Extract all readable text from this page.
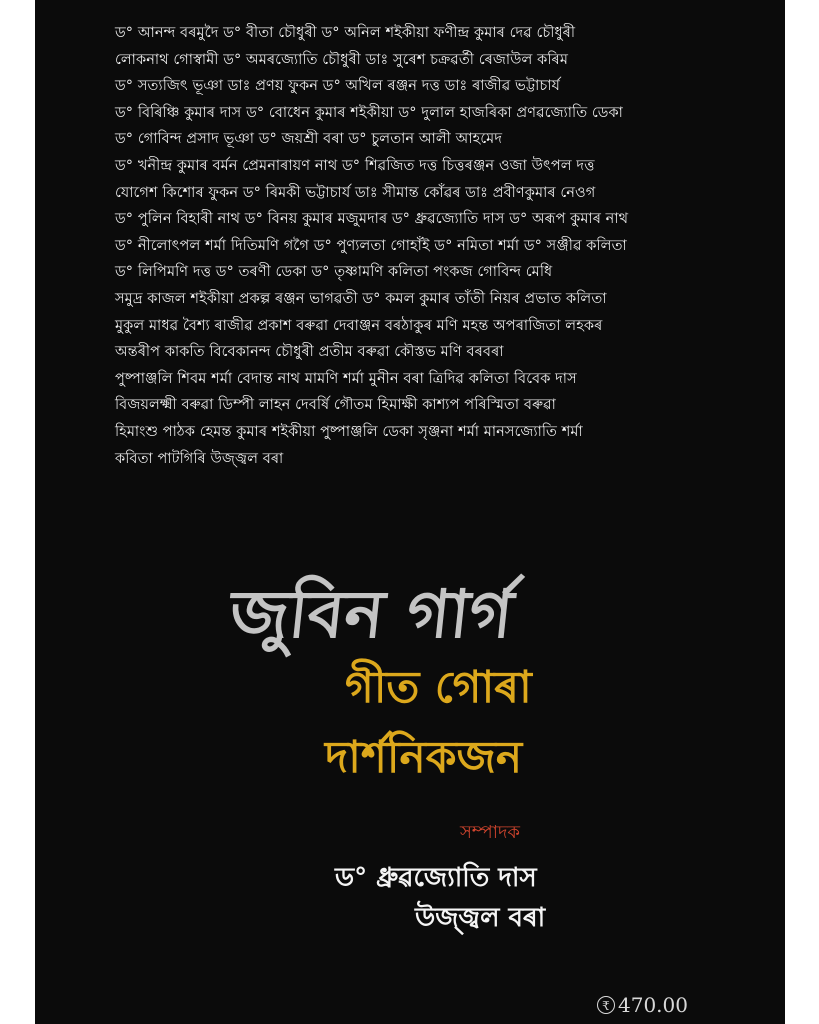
ড° আনন্দ বৰমুদৈ ড° বীতা চৌধুৰী ড° অনিল শইকীয়া ফণীন্দ্ৰ কুমাৰ দেৱ চৌধুৰী
লোকনাথ গোস্বামী ড° অমৰজ্যোতি চৌধুৰী ডাঃ সুৰেশ চক্ৰৱৰ্তী ৰেজাউল কৰিম
ড° সত্যজিৎ ভূঞা ডাঃ প্ৰণয় ফুকন ড° অখিল ৰঞ্জন দত্ত ডাঃ ৰাজীৱ ভট্টাচাৰ্য
ড° বিৰিঞ্চি কুমাৰ দাস ড° বোধেন কুমাৰ শইকীয়া ড° দুলাল হাজৰিকা প্ৰণৱজ্যোতি ডেকা
ড° গোবিন্দ প্ৰসাদ ভূঞা ড° জয়শ্ৰী বৰা ড° চুলতান আলী আহমেদ
ড° খনীন্দ্ৰ কুমাৰ বৰ্মন প্ৰেমনাৰায়ণ নাথ ড° শিৱজিত দত্ত চিত্তৰঞ্জন ওজা উৎপল দত্ত
যোগেশ কিশোৰ ফুকন ড° ৰিমকী ভট্টাচাৰ্য ডাঃ সীমান্ত কোঁৱৰ ডাঃ প্ৰবীণকুমাৰ নেওগ
ড° পুলিন বিহাৰী নাথ ড° বিনয় কুমাৰ মজুমদাৰ ড° ধ্ৰুৱজ্যোতি দাস ড° অৰূপ কুমাৰ নাথ
ড° নীলোৎপল শৰ্মা দিতিমণি গগৈ ড° পুণ্যলতা গোহাঁই ড° নমিতা শৰ্মা ড° সঞ্জীৱ কলিতা
ড° লিপিমণি দত্ত ড° তৰণী ডেকা ড° তৃষ্ণামণি কলিতা পংকজ গোবিন্দ মেধি
সমুদ্ৰ কাজল শইকীয়া প্ৰকল্প ৰঞ্জন ভাগৱতী ড° কমল কুমাৰ তাঁতী নিয়ৰ প্ৰভাত কলিতা
মুকুল মাধৱ বৈশ্য ৰাজীৱ প্ৰকাশ বৰুৱা দেবাঞ্জন বৰঠাকুৰ মণি মহন্ত অপৰাজিতা লহকৰ
অন্তৰীপ কাকতি বিবেকানন্দ চৌধুৰী প্ৰতীম বৰুৱা কৌস্তভ মণি বৰবৰা
পুষ্পাঞ্জলি শিবম শৰ্মা বেদান্ত নাথ মামণি শৰ্মা মুনীন বৰা ত্ৰিদিৱ কলিতা বিবেক দাস
বিজয়লক্ষ্মী বৰুৱা ডিম্পী লাহন দেবৰ্ষি গৌতম হিমাক্ষী কাশ্যপ পৰিস্মিতা বৰুৱা
হিমাংশু পাঠক হেমন্ত কুমাৰ শইকীয়া পুষ্পাঞ্জলি ডেকা সৃঞ্জনা শৰ্মা মানসজ্যোতি শৰ্মা
কবিতা পাটগিৰি উজ্জ্বল বৰা
জুবিন গাৰ্গ
গীত গোৰা
দাৰ্শনিকজন
সম্পাদক
ড° ধ্ৰুৱজ্যোতি দাস
উজ্জ্বল বৰা
₹ 470.00
